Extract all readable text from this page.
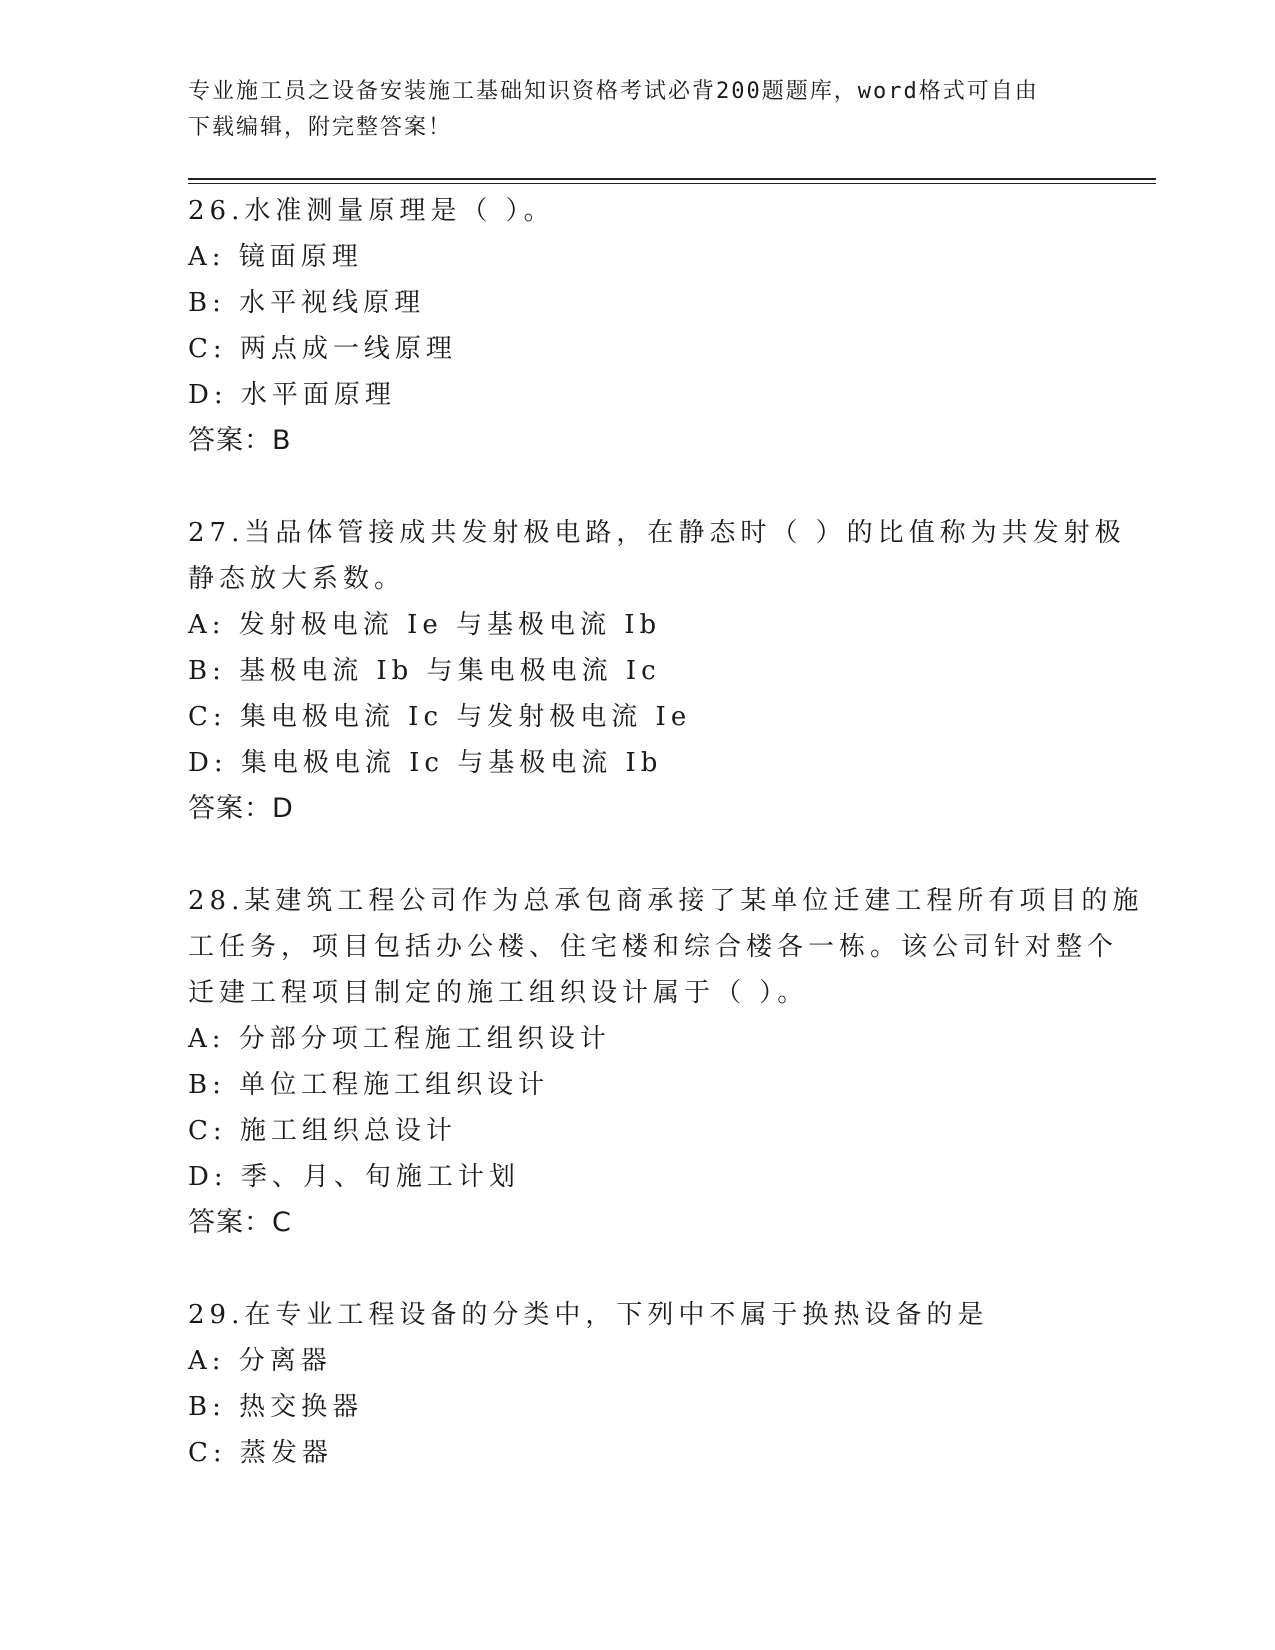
专业施工员之设备安装施工基础知识资格考试必背200题题库，word格式可自由
下载编辑，附完整答案！
26.水准测量原理是（ ）。
A: 镜面原理
B: 水平视线原理
C: 两点成一线原理
D: 水平面原理
答案：B
27.当品体管接成共发射极电路，在静态时（ ）的比值称为共发射极
静态放大系数。
A: 发射极电流 Ie 与基极电流 Ib
B: 基极电流 Ib 与集电极电流 Ic
C: 集电极电流 Ic 与发射极电流 Ie
D: 集电极电流 Ic 与基极电流 Ib
答案：D
28.某建筑工程公司作为总承包商承接了某单位迁建工程所有项目的施
工任务，项目包括办公楼、住宅楼和综合楼各一栋。该公司针对整个
迁建工程项目制定的施工组织设计属于（ ）。
A: 分部分项工程施工组织设计
B: 单位工程施工组织设计
C: 施工组织总设计
D: 季、月、旬施工计划
答案：C
29.在专业工程设备的分类中，下列中不属于换热设备的是
A: 分离器
B: 热交换器
C: 蒸发器
